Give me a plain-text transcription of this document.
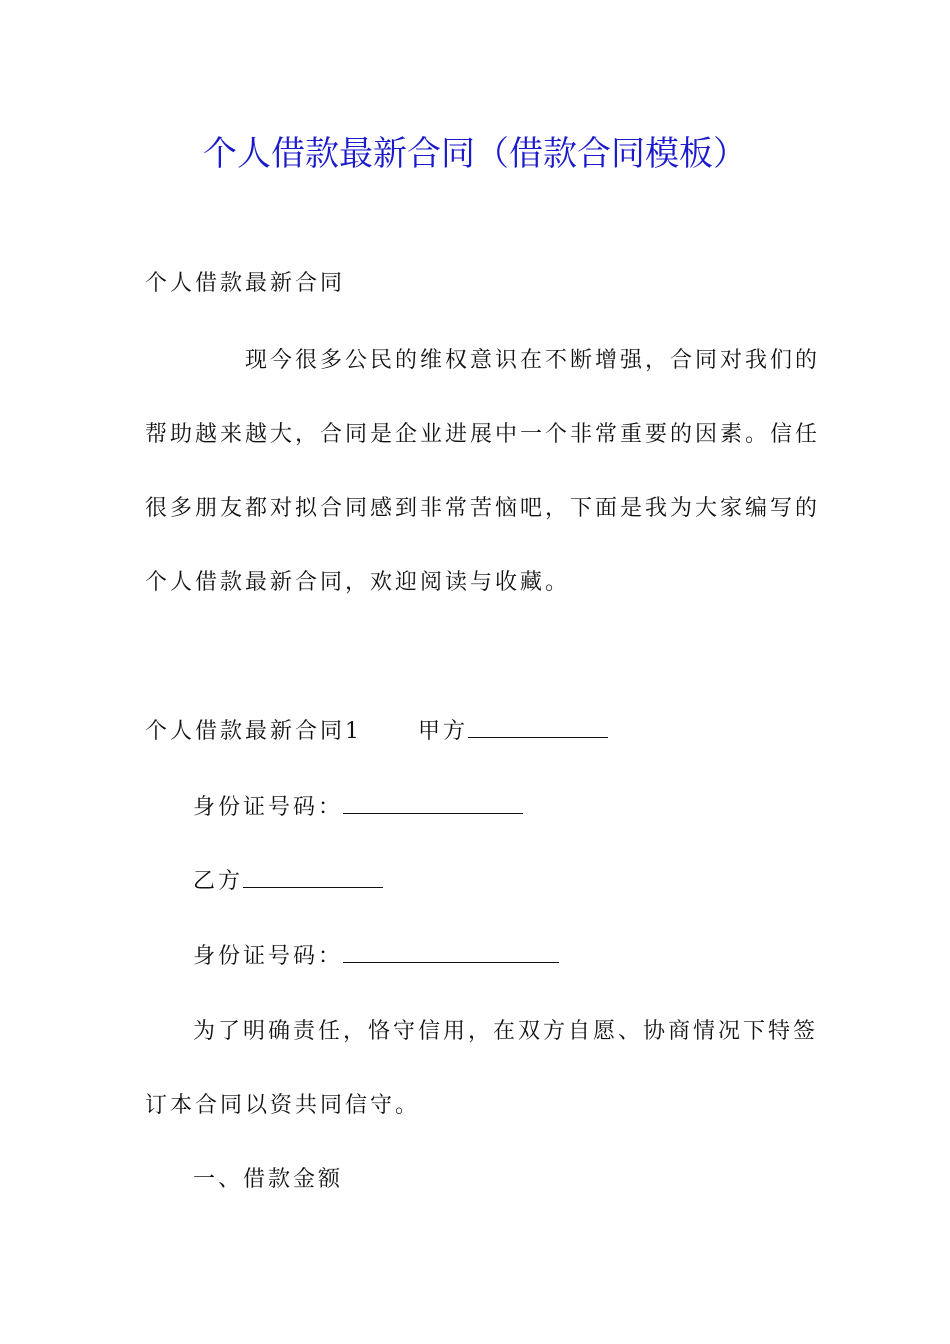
个人借款最新合同（借款合同模板）
个人借款最新合同
现今很多公民的维权意识在不断增强，合同对我们的
帮助越来越大，合同是企业进展中一个非常重要的因素。信任
很多朋友都对拟合同感到非常苦恼吧，下面是我为大家编写的
个人借款最新合同，欢迎阅读与收藏。
个人借款最新合同1	甲方
身份证号码：
乙方
身份证号码：
为了明确责任，恪守信用，在双方自愿、协商情况下特签
订本合同以资共同信守。
一、借款金额
